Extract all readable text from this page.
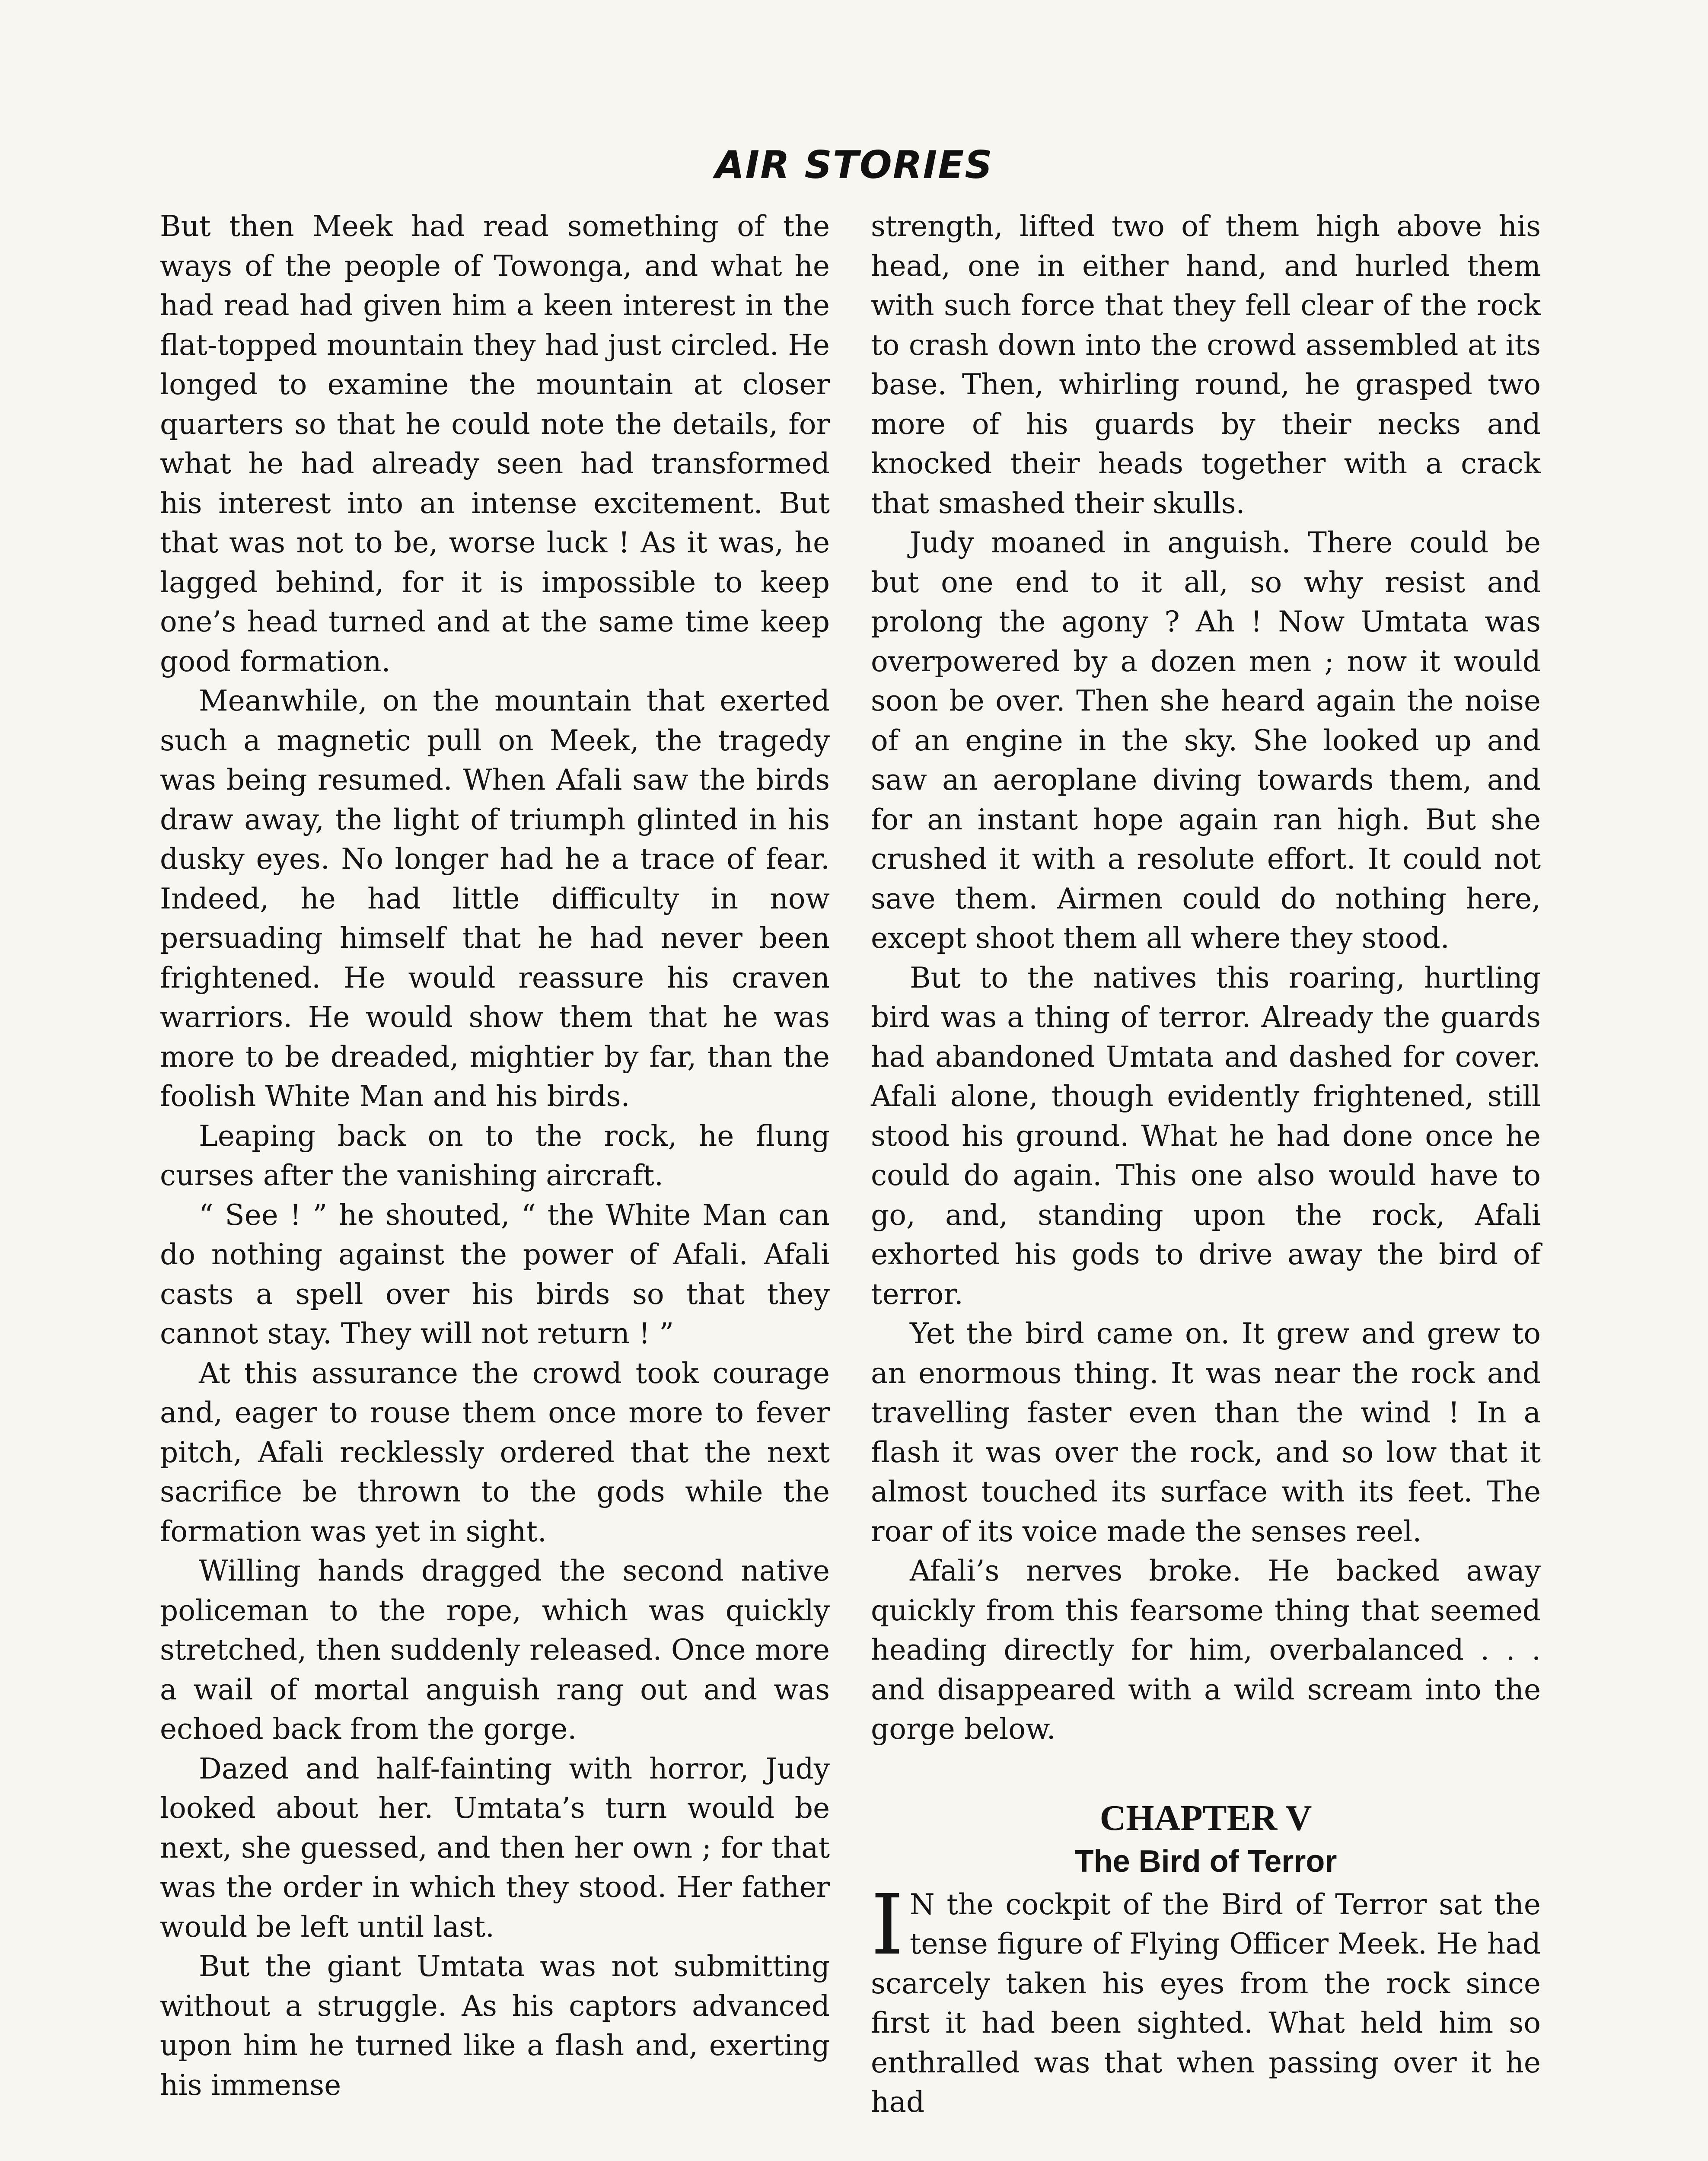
AIR STORIES

But then Meek had read something of the ways of the people of Towonga, and what he had read had given him a keen interest in the flat-topped mountain they had just circled. He longed to examine the mountain at closer quarters so that he could note the details, for what he had already seen had transformed his interest into an intense excitement. But that was not to be, worse luck ! As it was, he lagged behind, for it is impossible to keep one’s head turned and at the same time keep good formation.

Meanwhile, on the mountain that exerted such a magnetic pull on Meek, the tragedy was being resumed. When Afali saw the birds draw away, the light of triumph glinted in his dusky eyes. No longer had he a trace of fear. Indeed, he had little difficulty in now persuading himself that he had never been frightened. He would reassure his craven warriors. He would show them that he was more to be dreaded, mightier by far, than the foolish White Man and his birds.

Leaping back on to the rock, he flung curses after the vanishing aircraft.

“ See ! ” he shouted, “ the White Man can do nothing against the power of Afali. Afali casts a spell over his birds so that they cannot stay. They will not return ! ”

At this assurance the crowd took courage and, eager to rouse them once more to fever pitch, Afali recklessly ordered that the next sacrifice be thrown to the gods while the formation was yet in sight.

Willing hands dragged the second native policeman to the rope, which was quickly stretched, then suddenly released. Once more a wail of mortal anguish rang out and was echoed back from the gorge.

Dazed and half-fainting with horror, Judy looked about her. Umtata’s turn would be next, she guessed, and then her own ; for that was the order in which they stood. Her father would be left until last.

But the giant Umtata was not submitting without a struggle. As his captors advanced upon him he turned like a flash and, exerting his immense

strength, lifted two of them high above his head, one in either hand, and hurled them with such force that they fell clear of the rock to crash down into the crowd assembled at its base. Then, whirling round, he grasped two more of his guards by their necks and knocked their heads together with a crack that smashed their skulls.

Judy moaned in anguish. There could be but one end to it all, so why resist and prolong the agony ? Ah ! Now Umtata was overpowered by a dozen men ; now it would soon be over. Then she heard again the noise of an engine in the sky. She looked up and saw an aeroplane diving towards them, and for an instant hope again ran high. But she crushed it with a resolute effort. It could not save them. Airmen could do nothing here, except shoot them all where they stood.

But to the natives this roaring, hurtling bird was a thing of terror. Already the guards had abandoned Umtata and dashed for cover. Afali alone, though evidently frightened, still stood his ground. What he had done once he could do again. This one also would have to go, and, standing upon the rock, Afali exhorted his gods to drive away the bird of terror.

Yet the bird came on. It grew and grew to an enormous thing. It was near the rock and travelling faster even than the wind ! In a flash it was over the rock, and so low that it almost touched its surface with its feet. The roar of its voice made the senses reel.

Afali’s nerves broke. He backed away quickly from this fearsome thing that seemed heading directly for him, overbalanced . . . and disappeared with a wild scream into the gorge below.

CHAPTER V
The Bird of Terror

I N the cockpit of the Bird of Terror sat the tense figure of Flying Officer Meek. He had scarcely taken his eyes from the rock since first it had been sighted. What held him so enthralled was that when passing over it he had
